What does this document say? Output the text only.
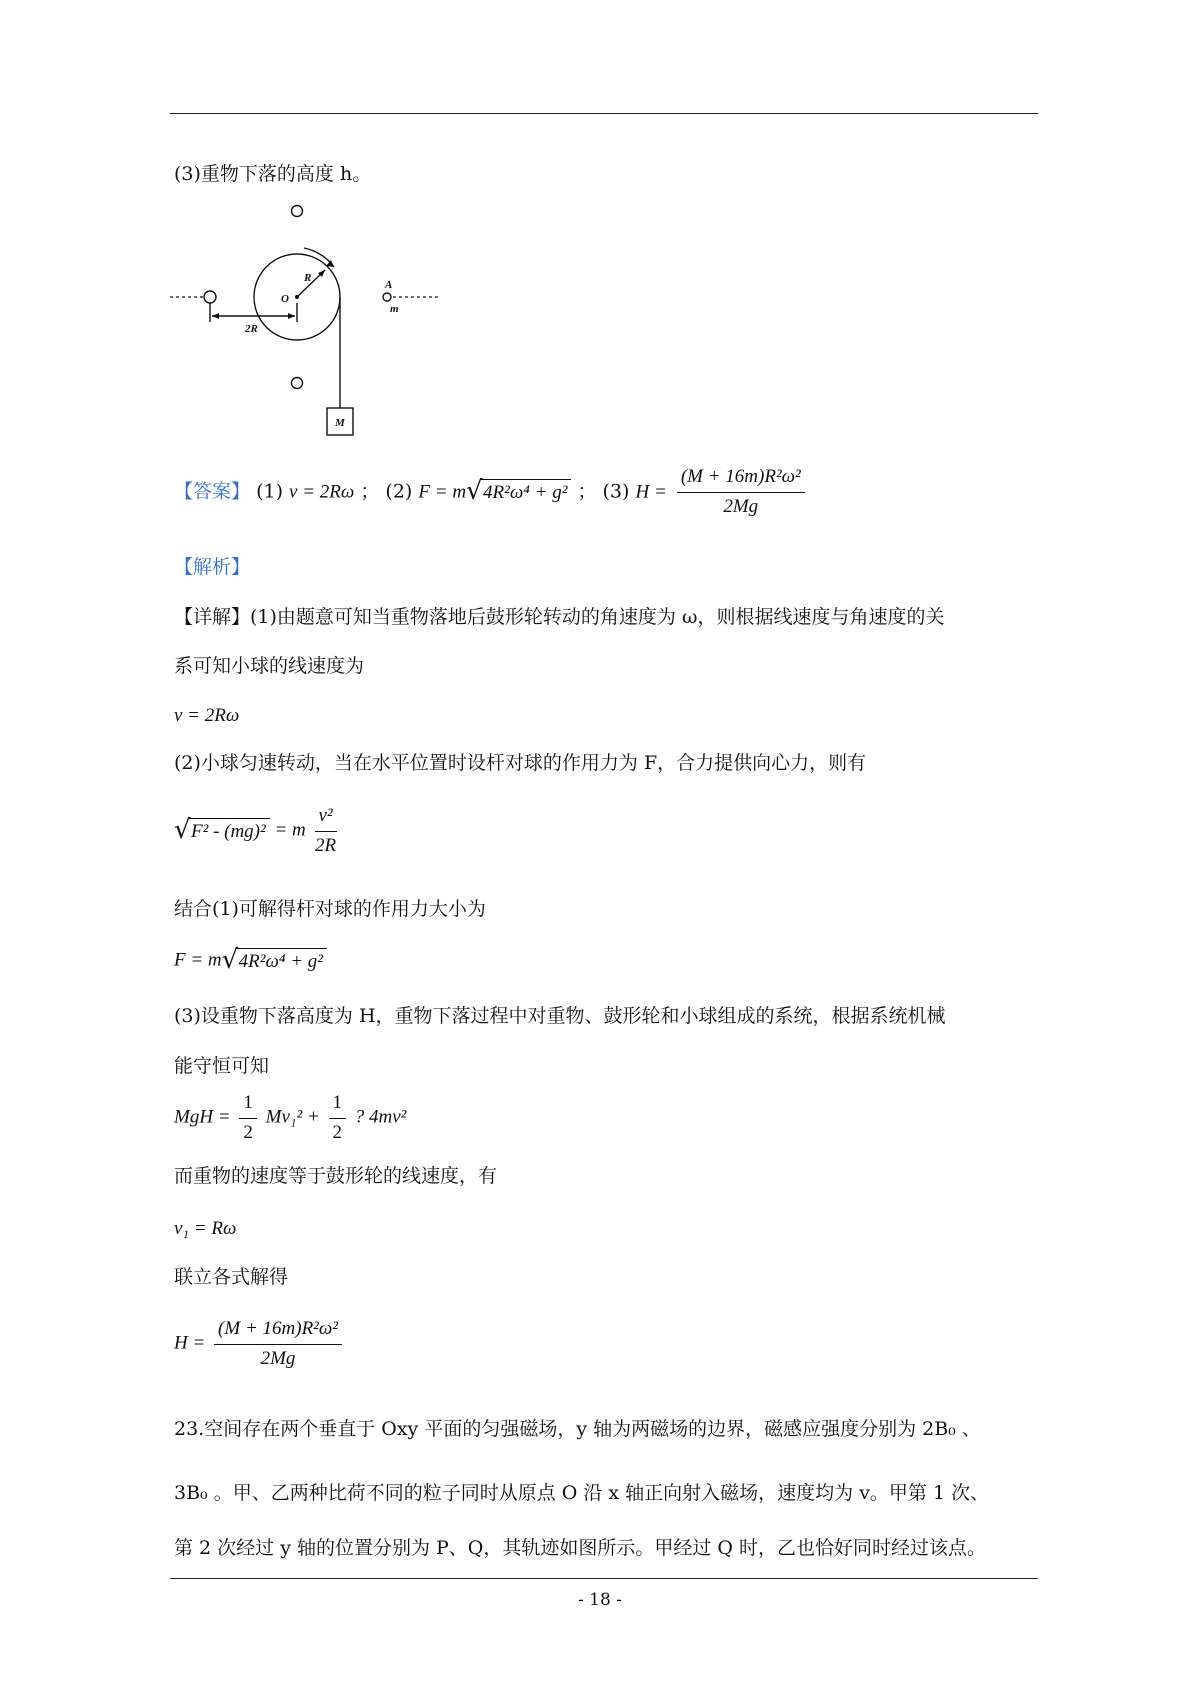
(3)重物下落的高度 h。
O
R
2R
A
m
M
【答案】 (1) v = 2Rω ； (2) F = m √ 4R²ω⁴ + g² ； (3) $H = \frac{\text{(M + 16m)R²ω²}}{2Mg}$
【解析】
【详解】(1)由题意可知当重物落地后鼓形轮转动的角速度为 ω，则根据线速度与角速度的关
系可知小球的线速度为
v = 2Rω
(2)小球匀速转动，当在水平位置时设杆对球的作用力为 F，合力提供向心力，则有
√ F² - (mg)² = m $\frac{\text{v²}}{2R}$
结合(1)可解得杆对球的作用力大小为
F = m √ 4R²ω⁴ + g²
(3)设重物下落高度为 H，重物下落过程中对重物、鼓形轮和小球组成的系统，根据系统机械
能守恒可知
MgH = $\frac{1}{2} Mv_1^2 + \frac{1}{2}$ ? 4mv²
而重物的速度等于鼓形轮的线速度，有
v₁ = Rω
联立各式解得
$H = \frac{\text{(M + 16m)R²ω²}}{2Mg}$
23.空间存在两个垂直于 Oxy 平面的匀强磁场，y 轴为两磁场的边界，磁感应强度分别为 2B₀ 、
3B₀ 。甲、乙两种比荷不同的粒子同时从原点 O 沿 x 轴正向射入磁场，速度均为 v。甲第 1 次、
第 2 次经过 y 轴的位置分别为 P、Q，其轨迹如图所示。甲经过 Q 时，乙也恰好同时经过该点。
- 18 -
